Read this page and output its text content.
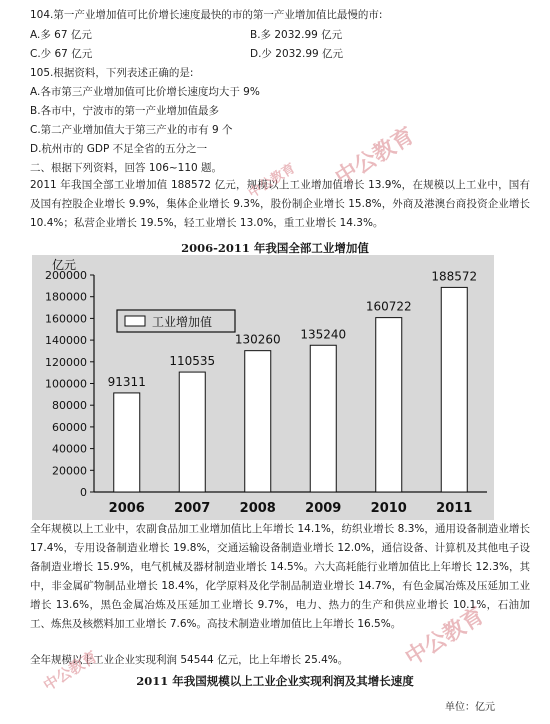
104.第一产业增加值可比价增长速度最快的市的第一产业增加值比最慢的市:
A.多 67 亿元	B.多 2032.99 亿元
C.少 67 亿元	D.少 2032.99 亿元
105.根据资料，下列表述正确的是:
A.各市第三产业增加值可比价增长速度均大于 9%
B.各市中，宁波市的第一产业增加值最多
C.第二产业增加值大于第三产业的市有 9 个
D.杭州市的 GDP 不足全省的五分之一
二、根据下列资料，回答 106~110 题。
2011 年我国全部工业增加值 188572 亿元，规模以上工业增加值增长 13.9%，在规模以上工业中，国有及国有控股企业增长 9.9%，集体企业增长 9.3%，股份制企业增长 15.8%，外商及港澳台商投资企业增长 10.4%；私营企业增长 19.5%，轻工业增长 13.0%，重工业增长 14.3%。
2006-2011 年我国全部工业增加值
亿元
0
20000
40000
60000
80000
100000
120000
140000
160000
180000
200000
91311
110535
130260 135240
160722
188572
2006 2007 2008 2009 2010 2011
工业增加值
全年规模以上工业中，农副食品加工业增加值比上年增长 14.1%，纺织业增长 8.3%，通用设备制造业增长 17.4%，专用设备制造业增长 19.8%，交通运输设备制造业增长 12.0%，通信设备、计算机及其他电子设备制造业增长 15.9%，电气机械及器材制造业增长 14.5%。六大高耗能行业增加值比上年增长 12.3%，其中，非金属矿物制品业增长 18.4%，化学原料及化学制品制造业增长 14.7%，有色金属冶炼及压延加工业增长 13.6%，黑色金属冶炼及压延加工业增长 9.7%，电力、热力的生产和供应业增长 10.1%，石油加工、炼焦及核燃料加工业增长 7.6%。高技术制造业增加值比上年增长 16.5%。
全年规模以上工业企业实现利润 54544 亿元，比上年增长 25.4%。
2011 年我国规模以上工业企业实现利润及其增长速度
单位：亿元
中公教育
中公教育
中公教育
中公教育
